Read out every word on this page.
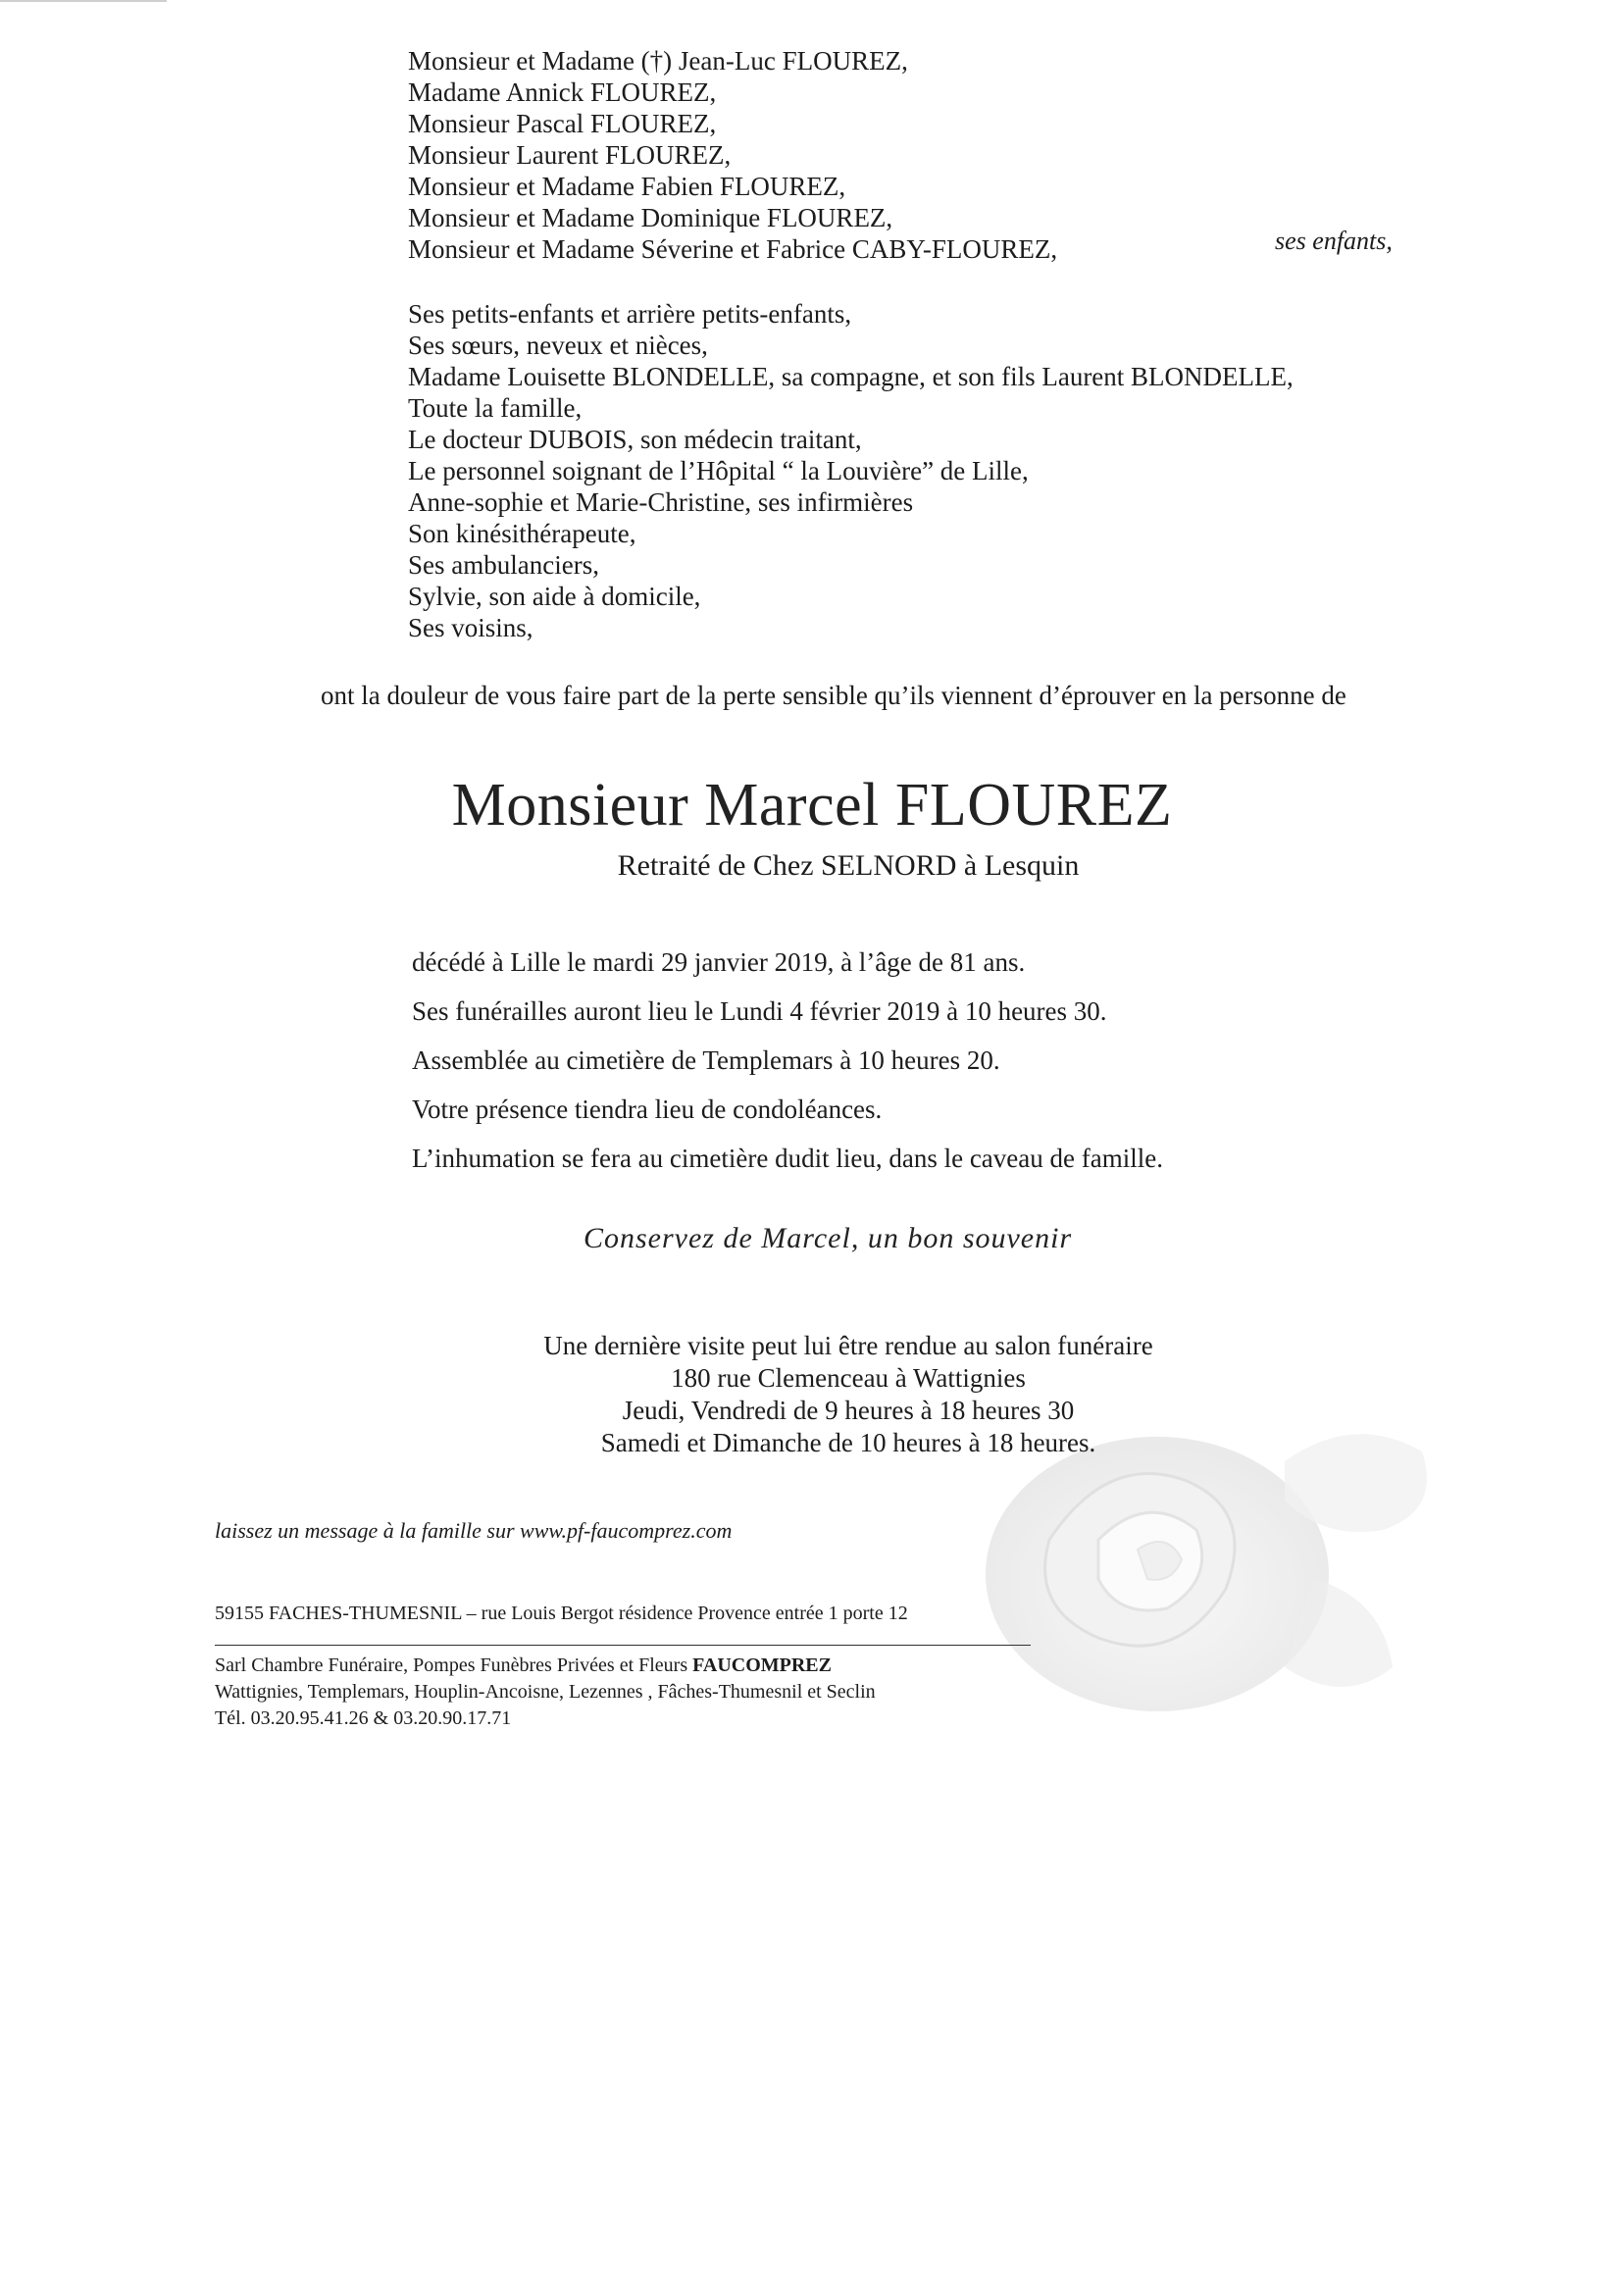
Monsieur et Madame (†) Jean-Luc FLOUREZ,
Madame Annick FLOUREZ,
Monsieur Pascal FLOUREZ,
Monsieur Laurent FLOUREZ,
Monsieur et Madame Fabien FLOUREZ,
Monsieur et Madame Dominique FLOUREZ,
Monsieur et Madame Séverine et Fabrice CABY-FLOUREZ,	ses enfants,
Ses petits-enfants et arrière petits-enfants,
Ses sœurs, neveux et nièces,
Madame Louisette BLONDELLE, sa compagne, et son fils Laurent BLONDELLE,
Toute la famille,
Le docteur DUBOIS, son médecin traitant,
Le personnel soignant de l’Hôpital “ la Louvière” de Lille,
Anne-sophie et Marie-Christine, ses infirmières
Son kinésithérapeute,
Ses ambulanciers,
Sylvie, son aide à domicile,
Ses voisins,
ont la douleur de vous faire part de la perte sensible qu’ils viennent d’éprouver en la personne de
Monsieur Marcel FLOUREZ
Retraité de Chez SELNORD à Lesquin
décédé à Lille le mardi 29 janvier 2019, à l’âge de 81 ans.
Ses funérailles auront lieu le Lundi 4 février 2019 à 10 heures 30.
Assemblée au cimetière de Templemars à 10 heures 20.
Votre présence tiendra lieu de condoléances.
L’inhumation se fera au cimetière dudit lieu, dans le caveau de famille.
Conservez de Marcel, un bon souvenir
Une dernière visite peut lui être rendue au salon funéraire
180 rue Clemenceau à Wattignies
Jeudi, Vendredi de 9 heures à 18 heures 30
Samedi et Dimanche de 10 heures à 18 heures.
laissez un message à la famille sur www.pf-faucomprez.com
59155 FACHES-THUMESNIL – rue Louis Bergot résidence Provence entrée 1 porte 12
Sarl Chambre Funéraire, Pompes Funèbres Privées et Fleurs FAUCOMPREZ
Wattignies, Templemars, Houplin-Ancoisne, Lezennes , Fâches-Thumesnil et Seclin
Tél. 03.20.95.41.26 & 03.20.90.17.71
